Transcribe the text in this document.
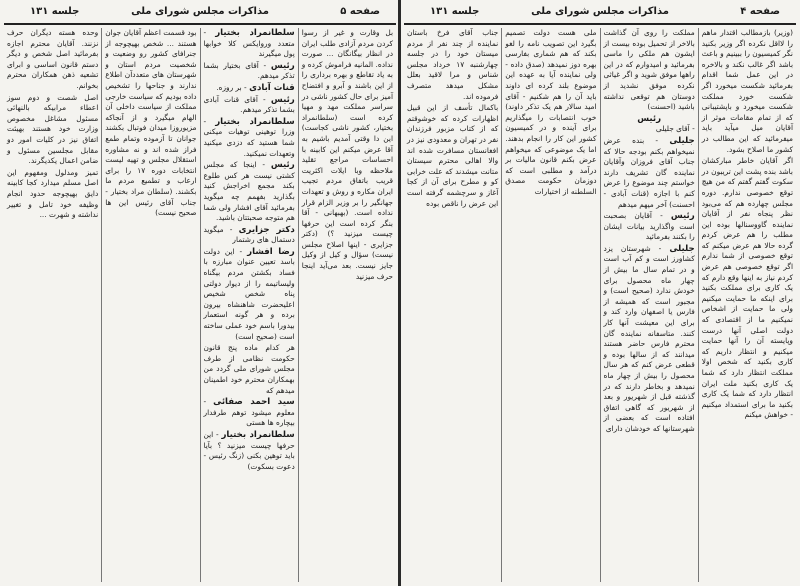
جلسه ۱۳۱	مذاکرات مجلس شورای ملی	صفحه ۵

بل وقارت و غیر از رسوا کردن مردم آزادی طلب ایران در انظار بیگانگان ... صورت نداده. المانیه فراموش کرده و به یاد تقاطع و بهره برداری را از این باشند و آبرو و افتضاح آمیز برای حال کشور ناشی در سراسر مملکت مهد و مهیا کرده است (سلطانمراد بختیار، کشور ناشی کجاست) این دا وقتی آمدیم باشیم به آقا عرض میکنم این کابینه با احساسات مراجع تقلید ملاحظه وبا ایلات اکثریت قریب باتفاق مردم تجیب ایران مکاره و روش و تعهدات جهانگیر را بر وزیر الزام قرار نداده است. (بهبهانی - آقا بنگر کرده است این حرفها چیست میزنید ؟) (دکتر جزایری - اینها اصلاح مجلس نیست) سؤال و کیل از وکیل جایز نیست. بعد می‌آید اینجا حرف میزنید

سلطانمراد بختیار - متعدد وروایکس کلا خوابها پول میگیرند

رئیس - آقای بختیار بشما تذکر میدهم.

قنات آبادی - بر روزه.

رئیس - آقای قنات آبادی بشما تذکر میدهم.

سلطانمراد بختیار - وزرا توهینی توهیات میکنی شما هستید که دزدی میکنید وتعهدات نمیکنید.

رئیس - اینجا که مجلس کشتی نیست هر کس طلوع بکند مجمع اخراجش کنید بگذارید بفهمم چه میگوید بفرمائید آقای افشار ولی شما هم متوجه صحبتتان باشید.

دکتر جزایری - میگوید دستمال های رشتمار

رضا افشار - این دولت باسد تعیین عنوان مبارزه با فساد بکشتن مردم بیگناه ولیساتیمه را از دیوار دولتی پناه شخص شخیص اعلیحضرت شاهنشاه بیرون برده و هر گونه استعمار بیدورا باسم خود عملی ساخته است (صحیح است)

هر کدام ماده پنج قانون حکومت نظامی از طرف مجلس شورای ملی گردد من بهمکاران محترم خود اطمینان میدهم که

سید احمد صفائی - معلوم میشود توهم طرفدار بیچاره ها هستی

سلطانمراد بختیار - این حرفها چیست میزنید ؟ بآیا باید توهین بکنی (زنگ رئیس - دعوت بسکوت)

بود قسمت اعظم آقایان جوان هستند ... شخص بهیچوجه از جنرافای کشور رو وضعیت و شخصیت مردم استان و شهرستان های متعددآن اطلاع ندارند و جناحها را تشخیص داده بودیم که سیاست خارجی مملکت از سیاست داخلی آن الهام میگیرد و از آنجاکه مزیوروزا میدان فوتبال بکشند جوانان تا آزموده وتمام طمع فراز شده اند و نه مشاوره استقلال مجلس و تهیه لیست انتخابات دوره ۱۷ را برای ارعاب و تطمیع مردم ما بکشند. (سلطان مراد بختیار - جناب آقای رئیس این ها صحیح نیست)

وحده هسته دیگران حرف نزنند. آقایان محترم اجازه بفرمائید اصل شخص و دیگر دستم قانون اساسی و ابرای تشعیه ذهن همکاران محترم بخوانم.

اصل شصت و دوم سوز اعطاء مرابیکه بالنهائی مسئول مشاغل مخصوص وزارت خود هستند بهیئت اتفاق نیز در کلیات امور دو مقابل مجلسین مسئول و ضامن اعمال یکدیگرند.

تمیز ومدلول ومفهوم این اصل مسلم میدارد کجا کابینه دایق بهیچوجه حدود انجام وظیفه خود تامل و تغییر نداشته و شهرت ...

جلسه ۱۳۱	مذاکرات مجلس شورای ملی	صفحه ۴

(وزیر) بازمطالب اقتدار ماهم را لااقل نکرده اگر وزیر بکنید نگر کمیسیون را ببینیم و باعث باشد اگر غالب نکند و بالاخره در این عمل شما اقدام بفرمائید شکست میخورد اگر شکست خورد مملکت شکست میخورد و باپشتیبانی که از تمام مقامات موثر از آقایان میل میآید باید میفرمائید که این مطالب در کشور ما اصلاح بشود.

اگر آقایان خاطر مبارکشان باشد بنده پشت این تریبون در سکوت گفتم گفتم که من هیچ توقع خصوصی ندارم. دوره مجلس چهارده هم که می‌بود نظر پنجاه نفر از آقایان نماینده گاووسنالها بوده این مطلب را هم عرض کردم گرده حالا هم عرض میکنم که توقع خصوصی از شما ندارم اگر توقع خصوصی هم عرض کردم نیاز به اینها وقع دارم که یک کاری برای مملکت بکنید برای اینکه ما حمایت میکنیم ولی ما حمایت از اشخاص نمیکنیم ما از اقتصادی که دولت اصلی آنها درست وپایسته آن را آنها حمایت میکنیم و انتظار داریم که کاری بکنید که شخص اولا مملکت انتظار دارد که شما یک کاری بکنید ملت ایران انتظار دارد که شما یک کاری بکنید ما برای استمداد میکنیم - خواهش میکنم

مملکت را روی آن گذاشت بالاخر از تحمیل بوده بیست از ایشون هم ملکی را ماسی بفرمائید و امیدوارم که در این راهها موفق شوید و اگر غیاثی نکرده موفق نشدید از دوستان هم توقعی نداشته باشید (احسنت)

رئیس
- آقای جلیلی

جلیلی - بنده عرض نمیخواهم بکنم بودجه حالا که جناب آقای فروزان وآقایان نماینده گان تشریف دارند خواستم چند موضوع را عرض کنم با اجازه (قنات آبادی - احسنت) آخر میهم میدهم

رئیس - آقایان بصحبت است واگذارید بیانات ایشان را بکنند بفرمائید

جلیلی - شهرستان یزد کشاورز است و کم آب است و در تمام سال ما بیش از چهار ماه محصول برای خودش ندارد (صحیح است) و مجبور است که همیشه از فارس یا اصفهان وارد کند و برای این معیشت آنها کار کنند. متاسفانه نماینده گان محترم فارس حاضر هستند میدانند که از سالها بوده و قطعی عرض کنم که هر سال محصول را بیش از چهار ماه نمیدهد و بخاطر دارند که در گذشته قبل از شهریور و بعد از شهریور که گاهی اتفاق افتاده است که بعضی از شهرستانها که خودشان دارای

ملی هست دولت تصمیم بگیرد این تصویب نامه را لغو بکند که هم شماری بفارسی بهره دوز نمیدهد (صدق داده - ولی نماینده آیا به عهده این موضوع بلند کرده ای داوند باید آن را هم شکنیم - آقای امید سالار هم یک تذکر داوند) خوب انتصابات را میگذاریم برای آینده و در کمیسیون کشور این کار را انجام بدهند. اما یک موضوعی که میخواهم عرض بکنم قانون مالیات بر درآمد و مطلبی است که دوزمان حکومت مصدق السلطنه از اختیارات

جناب آقای فرخ باستان نماینده از چند نفر از مردم میستان خود را در جلسه چهارشنبه ۱۷ خرداد مجلس شناس و مرا لاقید بعلل مشکل میدهد متصرف فرموده اند.

باکمال تأسف از این قبیل اظهارات کرده که خوشوقتم که از کتاب مزبور فرزندان نفر در تهران و معدودی نیز در افغانستان مسافرت شده اند والا اهالی محترم سیستان متانت میشدند که علت خرابی کو و مطرح برای آن از کجا آغاز و سرچشمه گرفته است این عرض را ناقص بوده
